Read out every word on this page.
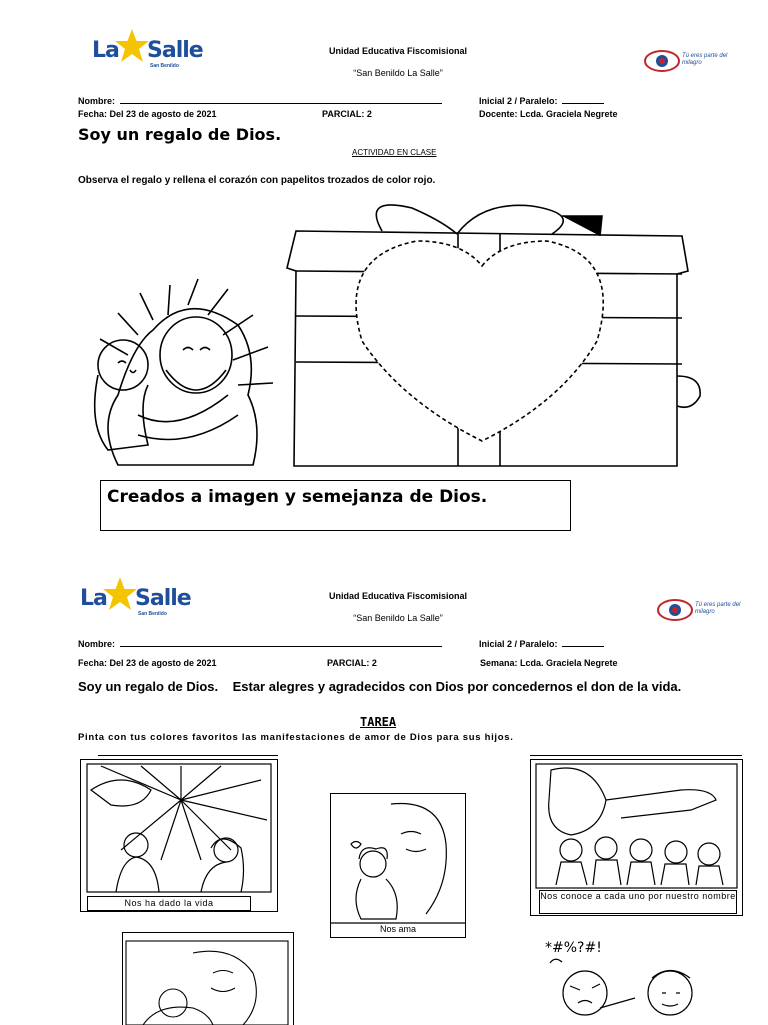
La Salle
San Benildo
Unidad Educativa Fiscomisional
“San Benildo La Salle”
Tú eres parte del milagro
Nombre:	Inicial 2 / Paralelo:
Fecha: Del 23 de agosto de 2021	PARCIAL: 2	Docente: Lcda. Graciela Negrete
Soy un regalo de Dios.
ACTIVIDAD EN CLASE
Observa el regalo y rellena el corazón con papelitos trozados de color rojo.
Creados a imagen y semejanza de Dios.
La Salle
San Benildo
Unidad Educativa Fiscomisional
“San Benildo La Salle”
Tú eres parte del milagro
Nombre:	Inicial 2 / Paralelo:
Fecha: Del 23 de agosto de 2021	PARCIAL: 2	Semana: Lcda. Graciela Negrete
Soy un regalo de Dios.    Estar alegres y agradecidos con Dios por concedernos el don de la vida.
TAREA
Pinta con tus colores favoritos las manifestaciones de amor de Dios para sus hijos.
Nos ha dado la vida
Nos ama
Nos conoce a cada uno por nuestro nombre
*#%?#!
